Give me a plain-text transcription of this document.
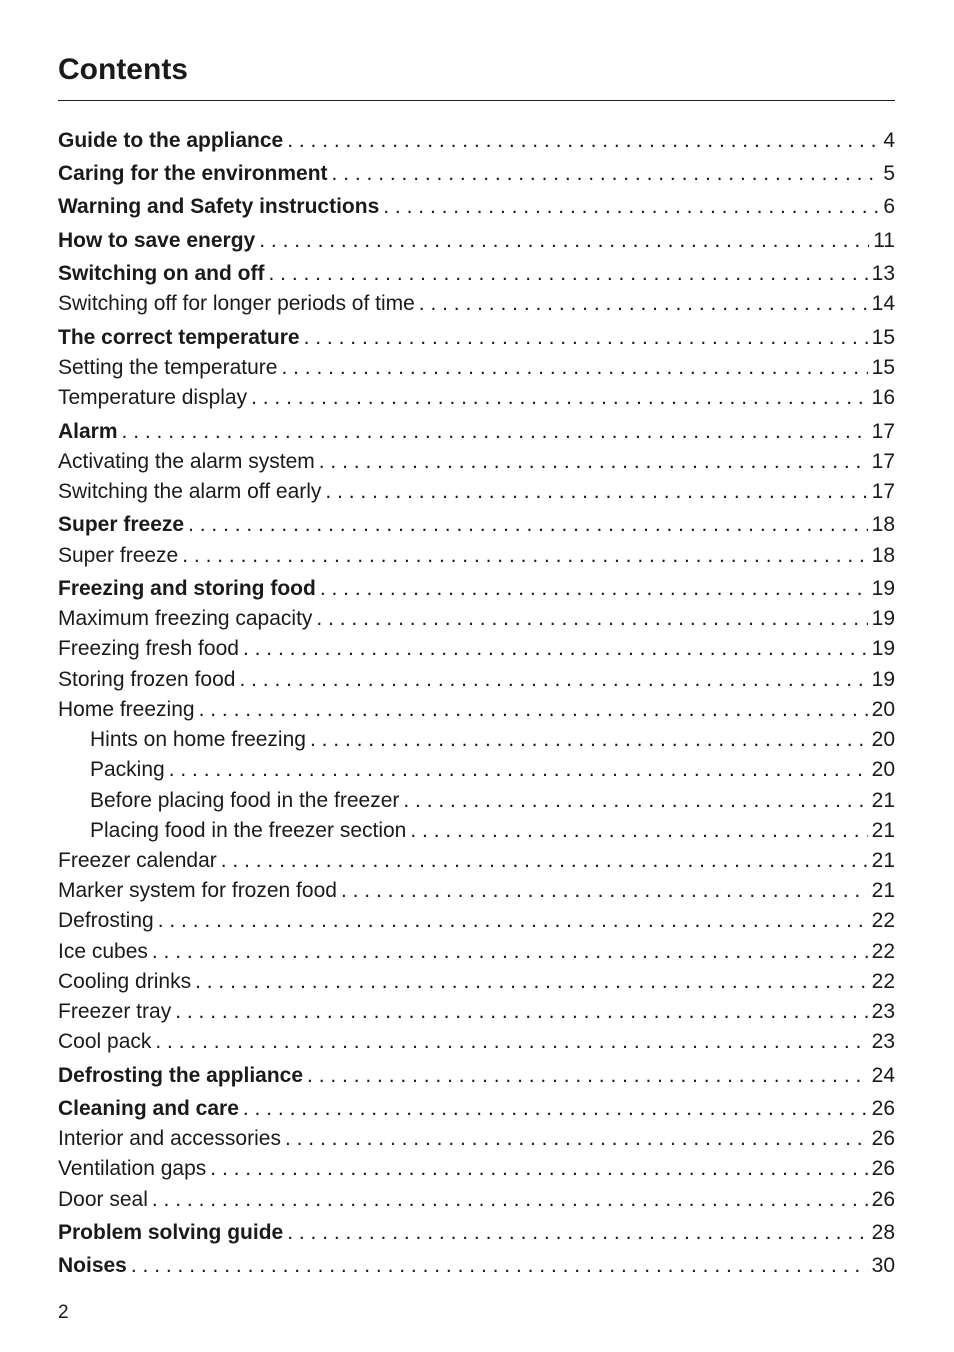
Contents
Guide to the appliance . . .	4
Caring for the environment . . .	5
Warning and Safety instructions . . .	6
How to save energy . . .	11
Switching on and off . . .	13
Switching off for longer periods of time . . .	14
The correct temperature . . .	15
Setting the temperature . . .	15
Temperature display . . .	16
Alarm . . .	17
Activating the alarm system . . .	17
Switching the alarm off early . . .	17
Super freeze . . .	18
Super freeze . . .	18
Freezing and storing food . . .	19
Maximum freezing capacity . . .	19
Freezing fresh food . . .	19
Storing frozen food . . .	19
Home freezing . . .	20
Hints on home freezing . . .	20
Packing . . .	20
Before placing food in the freezer . . .	21
Placing food in the freezer section . . .	21
Freezer calendar . . .	21
Marker system for frozen food . . .	21
Defrosting . . .	22
Ice cubes . . .	22
Cooling drinks . . .	22
Freezer tray . . .	23
Cool pack . . .	23
Defrosting the appliance . . .	24
Cleaning and care . . .	26
Interior and accessories . . .	26
Ventilation gaps . . .	26
Door seal . . .	26
Problem solving guide . . .	28
Noises . . .	30
2
